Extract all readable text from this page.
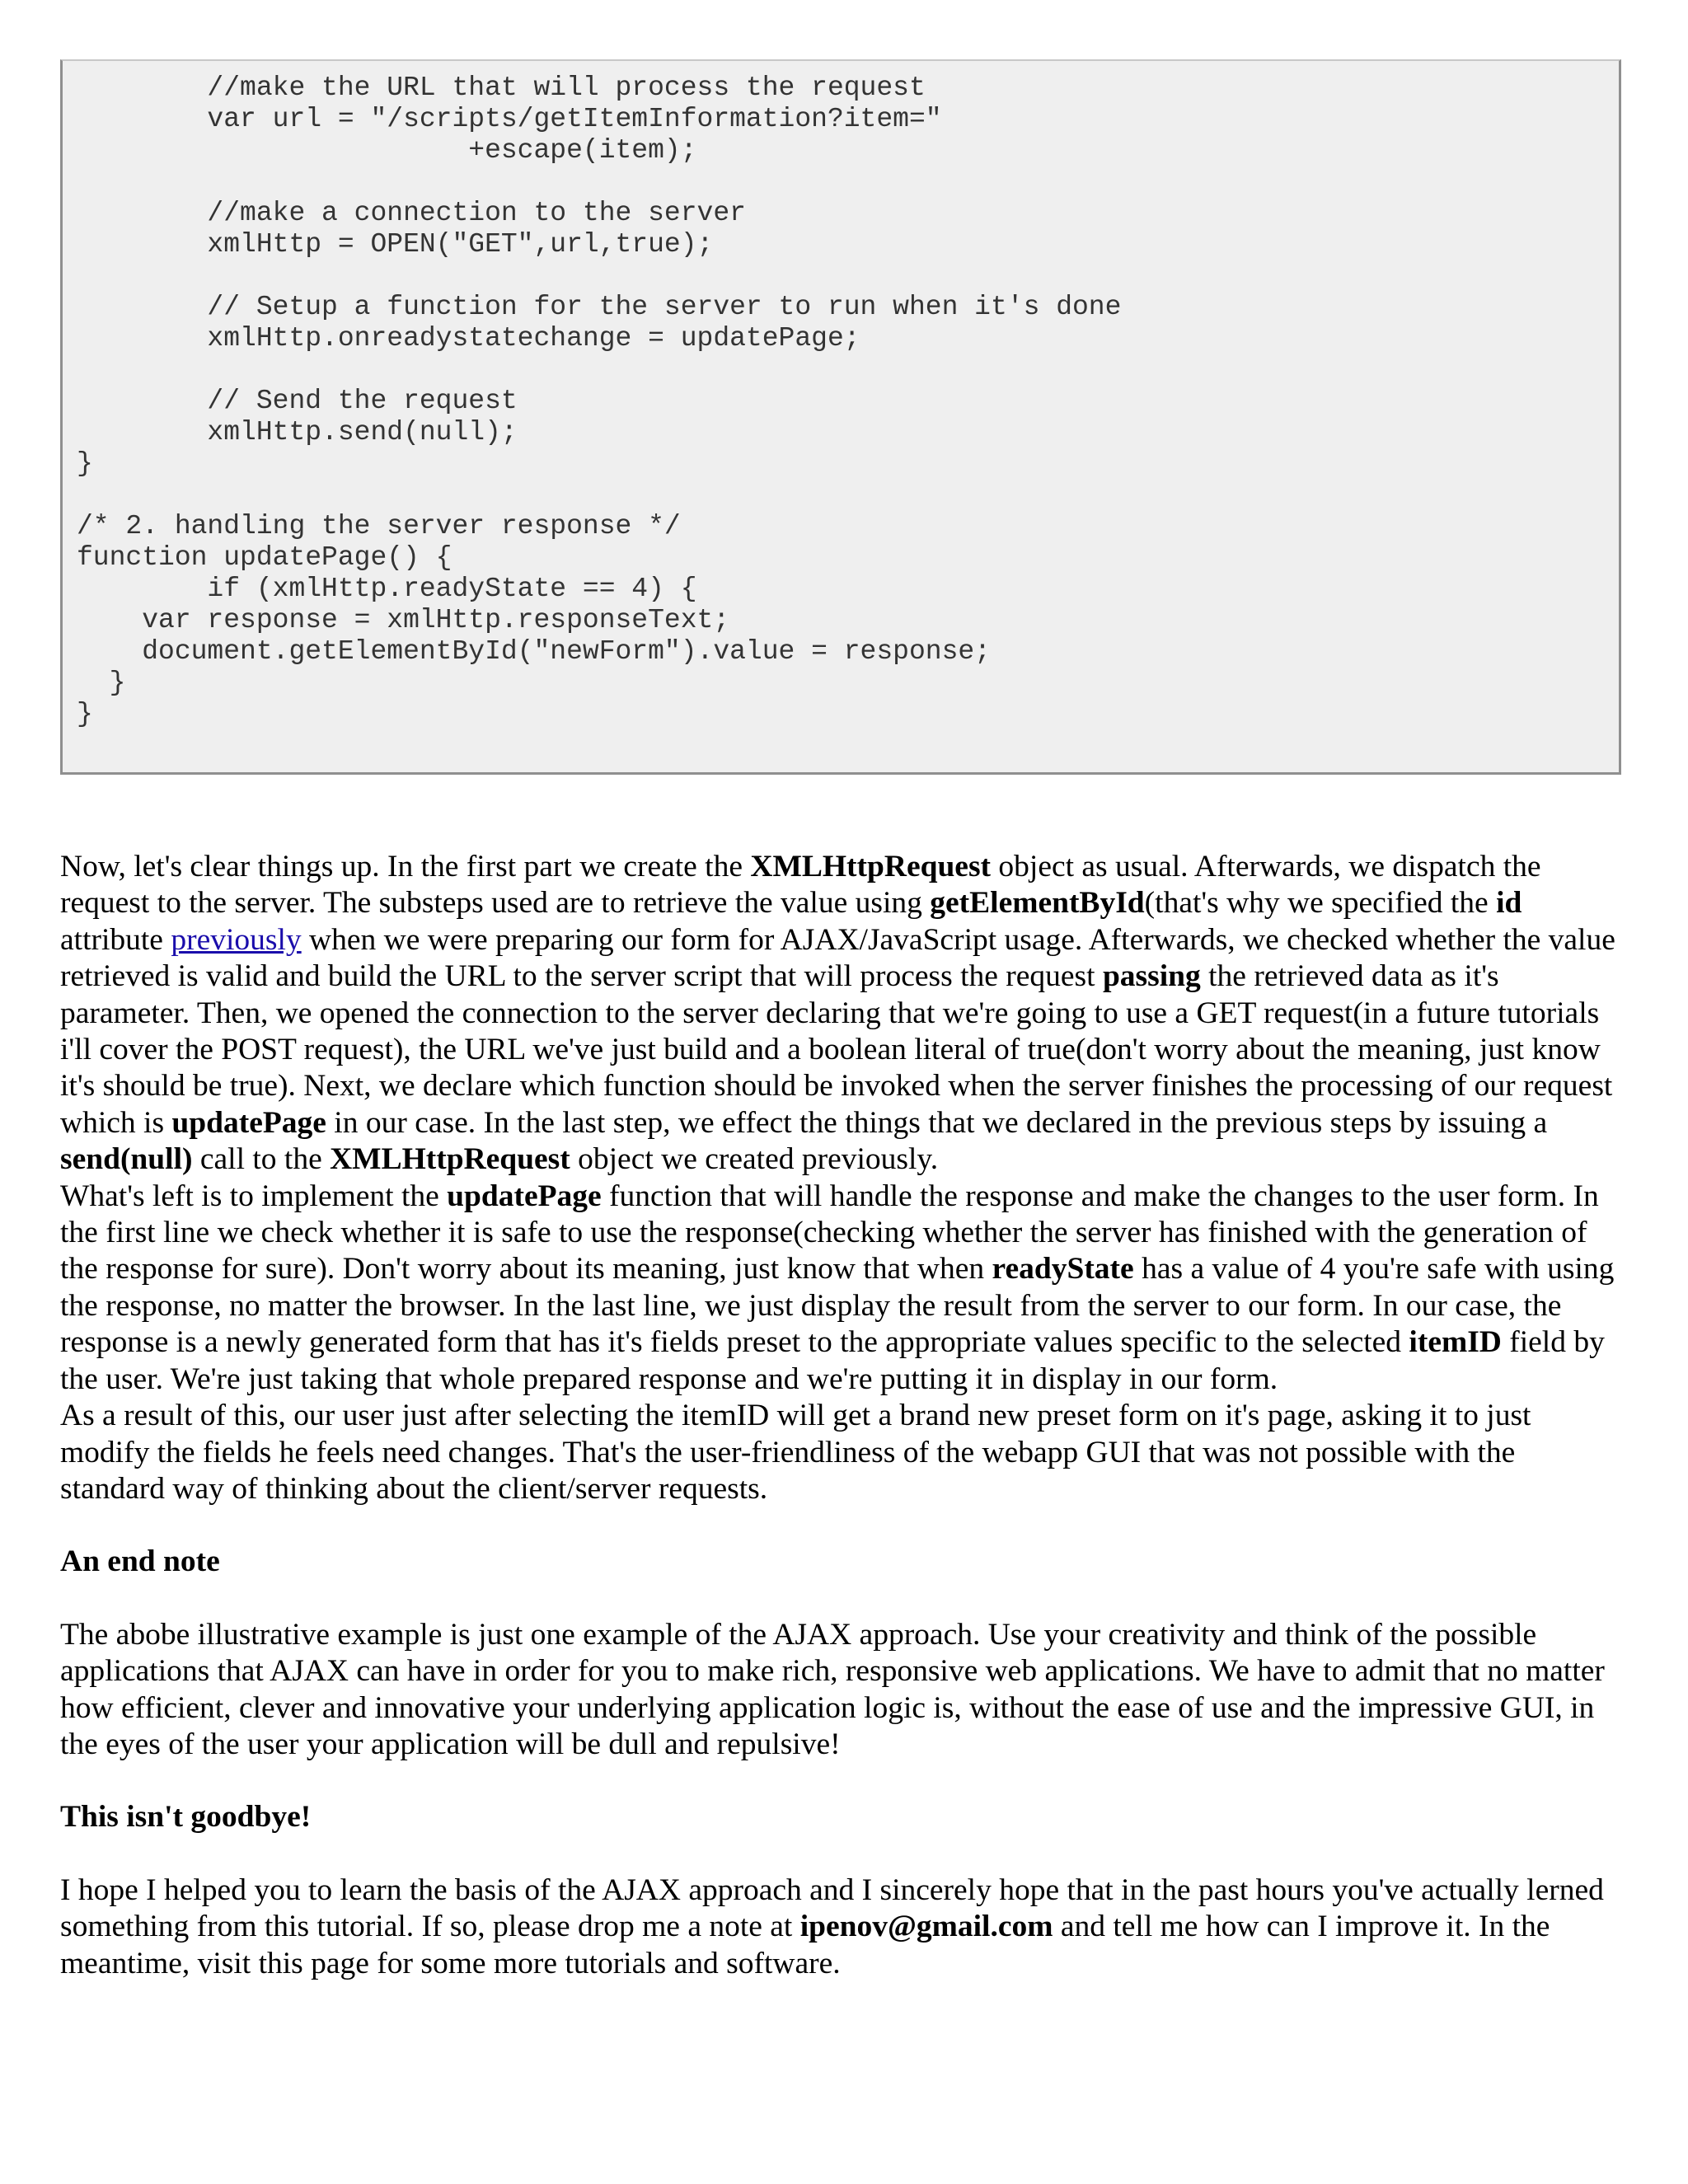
//make the URL that will process the request
var url = "/scripts/getItemInformation?item="
+escape(item);

//make a connection to the server
xmlHttp = OPEN("GET",url,true);

// Setup a function for the server to run when it's done
xmlHttp.onreadystatechange = updatePage;

// Send the request
xmlHttp.send(null);
}

/* 2. handling the server response */
function updatePage() {
if (xmlHttp.readyState == 4) {
var response = xmlHttp.responseText;
document.getElementById("newForm").value = response;
}
}

Now, let's clear things up. In the first part we create the XMLHttpRequest object as usual. Afterwards, we dispatch the request to the server. The substeps used are to retrieve the value using getElementById(that's why we specified the id attribute previously when we were preparing our form for AJAX/JavaScript usage. Afterwards, we checked whether the value retrieved is valid and build the URL to the server script that will process the request passing the retrieved data as it's parameter. Then, we opened the connection to the server declaring that we're going to use a GET request(in a future tutorials i'll cover the POST request), the URL we've just build and a boolean literal of true(don't worry about the meaning, just know it's should be true). Next, we declare which function should be invoked when the server finishes the processing of our request which is updatePage in our case. In the last step, we effect the things that we declared in the previous steps by issuing a send(null) call to the XMLHttpRequest object we created previously.

What's left is to implement the updatePage function that will handle the response and make the changes to the user form. In the first line we check whether it is safe to use the response(checking whether the server has finished with the generation of the response for sure). Don't worry about its meaning, just know that when readyState has a value of 4 you're safe with using the response, no matter the browser. In the last line, we just display the result from the server to our form. In our case, the response is a newly generated form that has it's fields preset to the appropriate values specific to the selected itemID field by the user. We're just taking that whole prepared response and we're putting it in display in our form.

As a result of this, our user just after selecting the itemID will get a brand new preset form on it's page, asking it to just modify the fields he feels need changes. That's the user-friendliness of the webapp GUI that was not possible with the standard way of thinking about the client/server requests.

An end note

The abobe illustrative example is just one example of the AJAX approach. Use your creativity and think of the possible applications that AJAX can have in order for you to make rich, responsive web applications. We have to admit that no matter how efficient, clever and innovative your underlying application logic is, without the ease of use and the impressive GUI, in the eyes of the user your application will be dull and repulsive!

This isn't goodbye!

I hope I helped you to learn the basis of the AJAX approach and I sincerely hope that in the past hours you've actually lerned something from this tutorial. If so, please drop me a note at ipenov@gmail.com and tell me how can I improve it. In the meantime, visit this page for some more tutorials and software.
